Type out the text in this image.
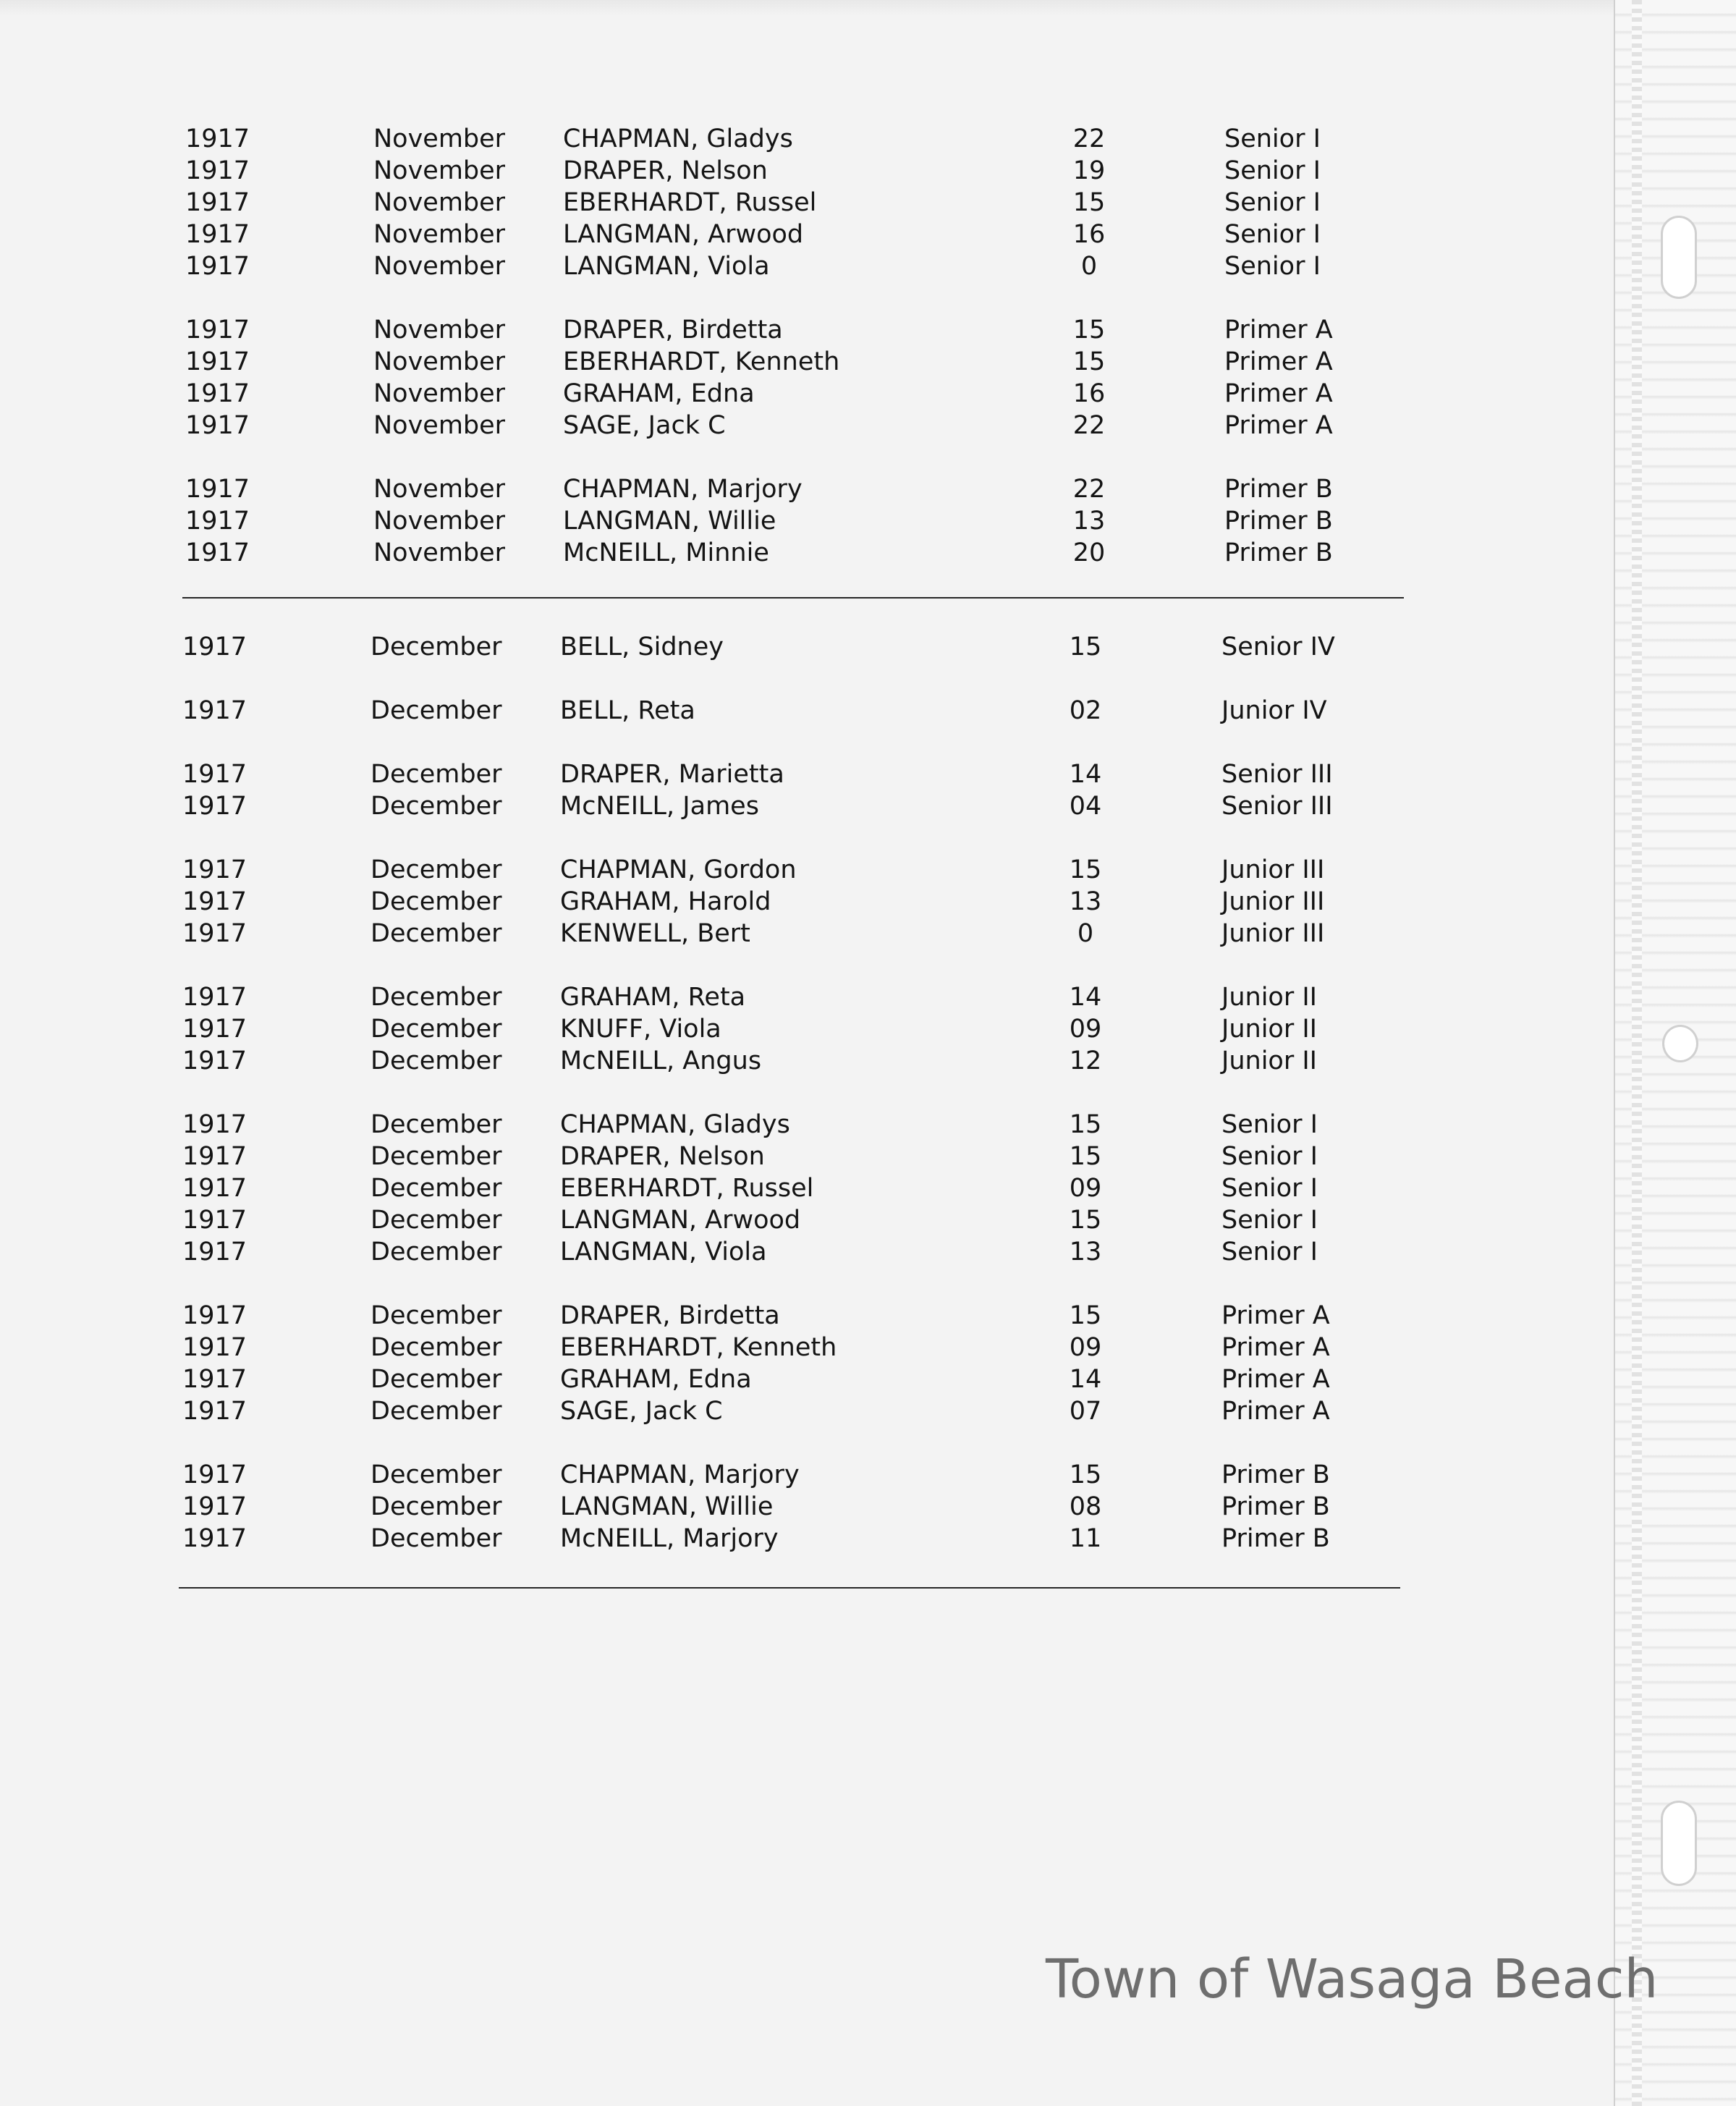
1917	November CHAPMAN, Gladys	22	Senior I
1917	November DRAPER, Nelson	19	Senior I
1917	November EBERHARDT, Russel	15	Senior I
1917	November LANGMAN, Arwood	16	Senior I
1917	November LANGMAN, Viola	0	Senior I
1917	November DRAPER, Birdetta	15	Primer A
1917	November EBERHARDT, Kenneth	15	Primer A
1917	November GRAHAM, Edna	16	Primer A
1917	November SAGE, Jack C	22	Primer A
1917	November CHAPMAN, Marjory	22	Primer B
1917	November LANGMAN, Willie	13	Primer B
1917	November McNEILL, Minnie	20	Primer B
1917	December BELL, Sidney	15	Senior IV
1917	December BELL, Reta	02	Junior IV
1917	December DRAPER, Marietta	14	Senior III
1917	December McNEILL, James	04	Senior III
1917	December CHAPMAN, Gordon	15	Junior III
1917	December GRAHAM, Harold	13	Junior III
1917	December KENWELL, Bert	0	Junior III
1917	December GRAHAM, Reta	14	Junior II
1917	December KNUFF, Viola	09	Junior II
1917	December McNEILL, Angus	12	Junior II
1917	December CHAPMAN, Gladys	15	Senior I
1917	December DRAPER, Nelson	15	Senior I
1917	December EBERHARDT, Russel	09	Senior I
1917	December LANGMAN, Arwood	15	Senior I
1917	December LANGMAN, Viola	13	Senior I
1917	December DRAPER, Birdetta	15	Primer A
1917	December EBERHARDT, Kenneth	09	Primer A
1917	December GRAHAM, Edna	14	Primer A
1917	December SAGE, Jack C	07	Primer A
1917	December CHAPMAN, Marjory	15	Primer B
1917	December LANGMAN, Willie	08	Primer B
1917	December McNEILL, Marjory	11	Primer B
Town of Wasaga Beach
